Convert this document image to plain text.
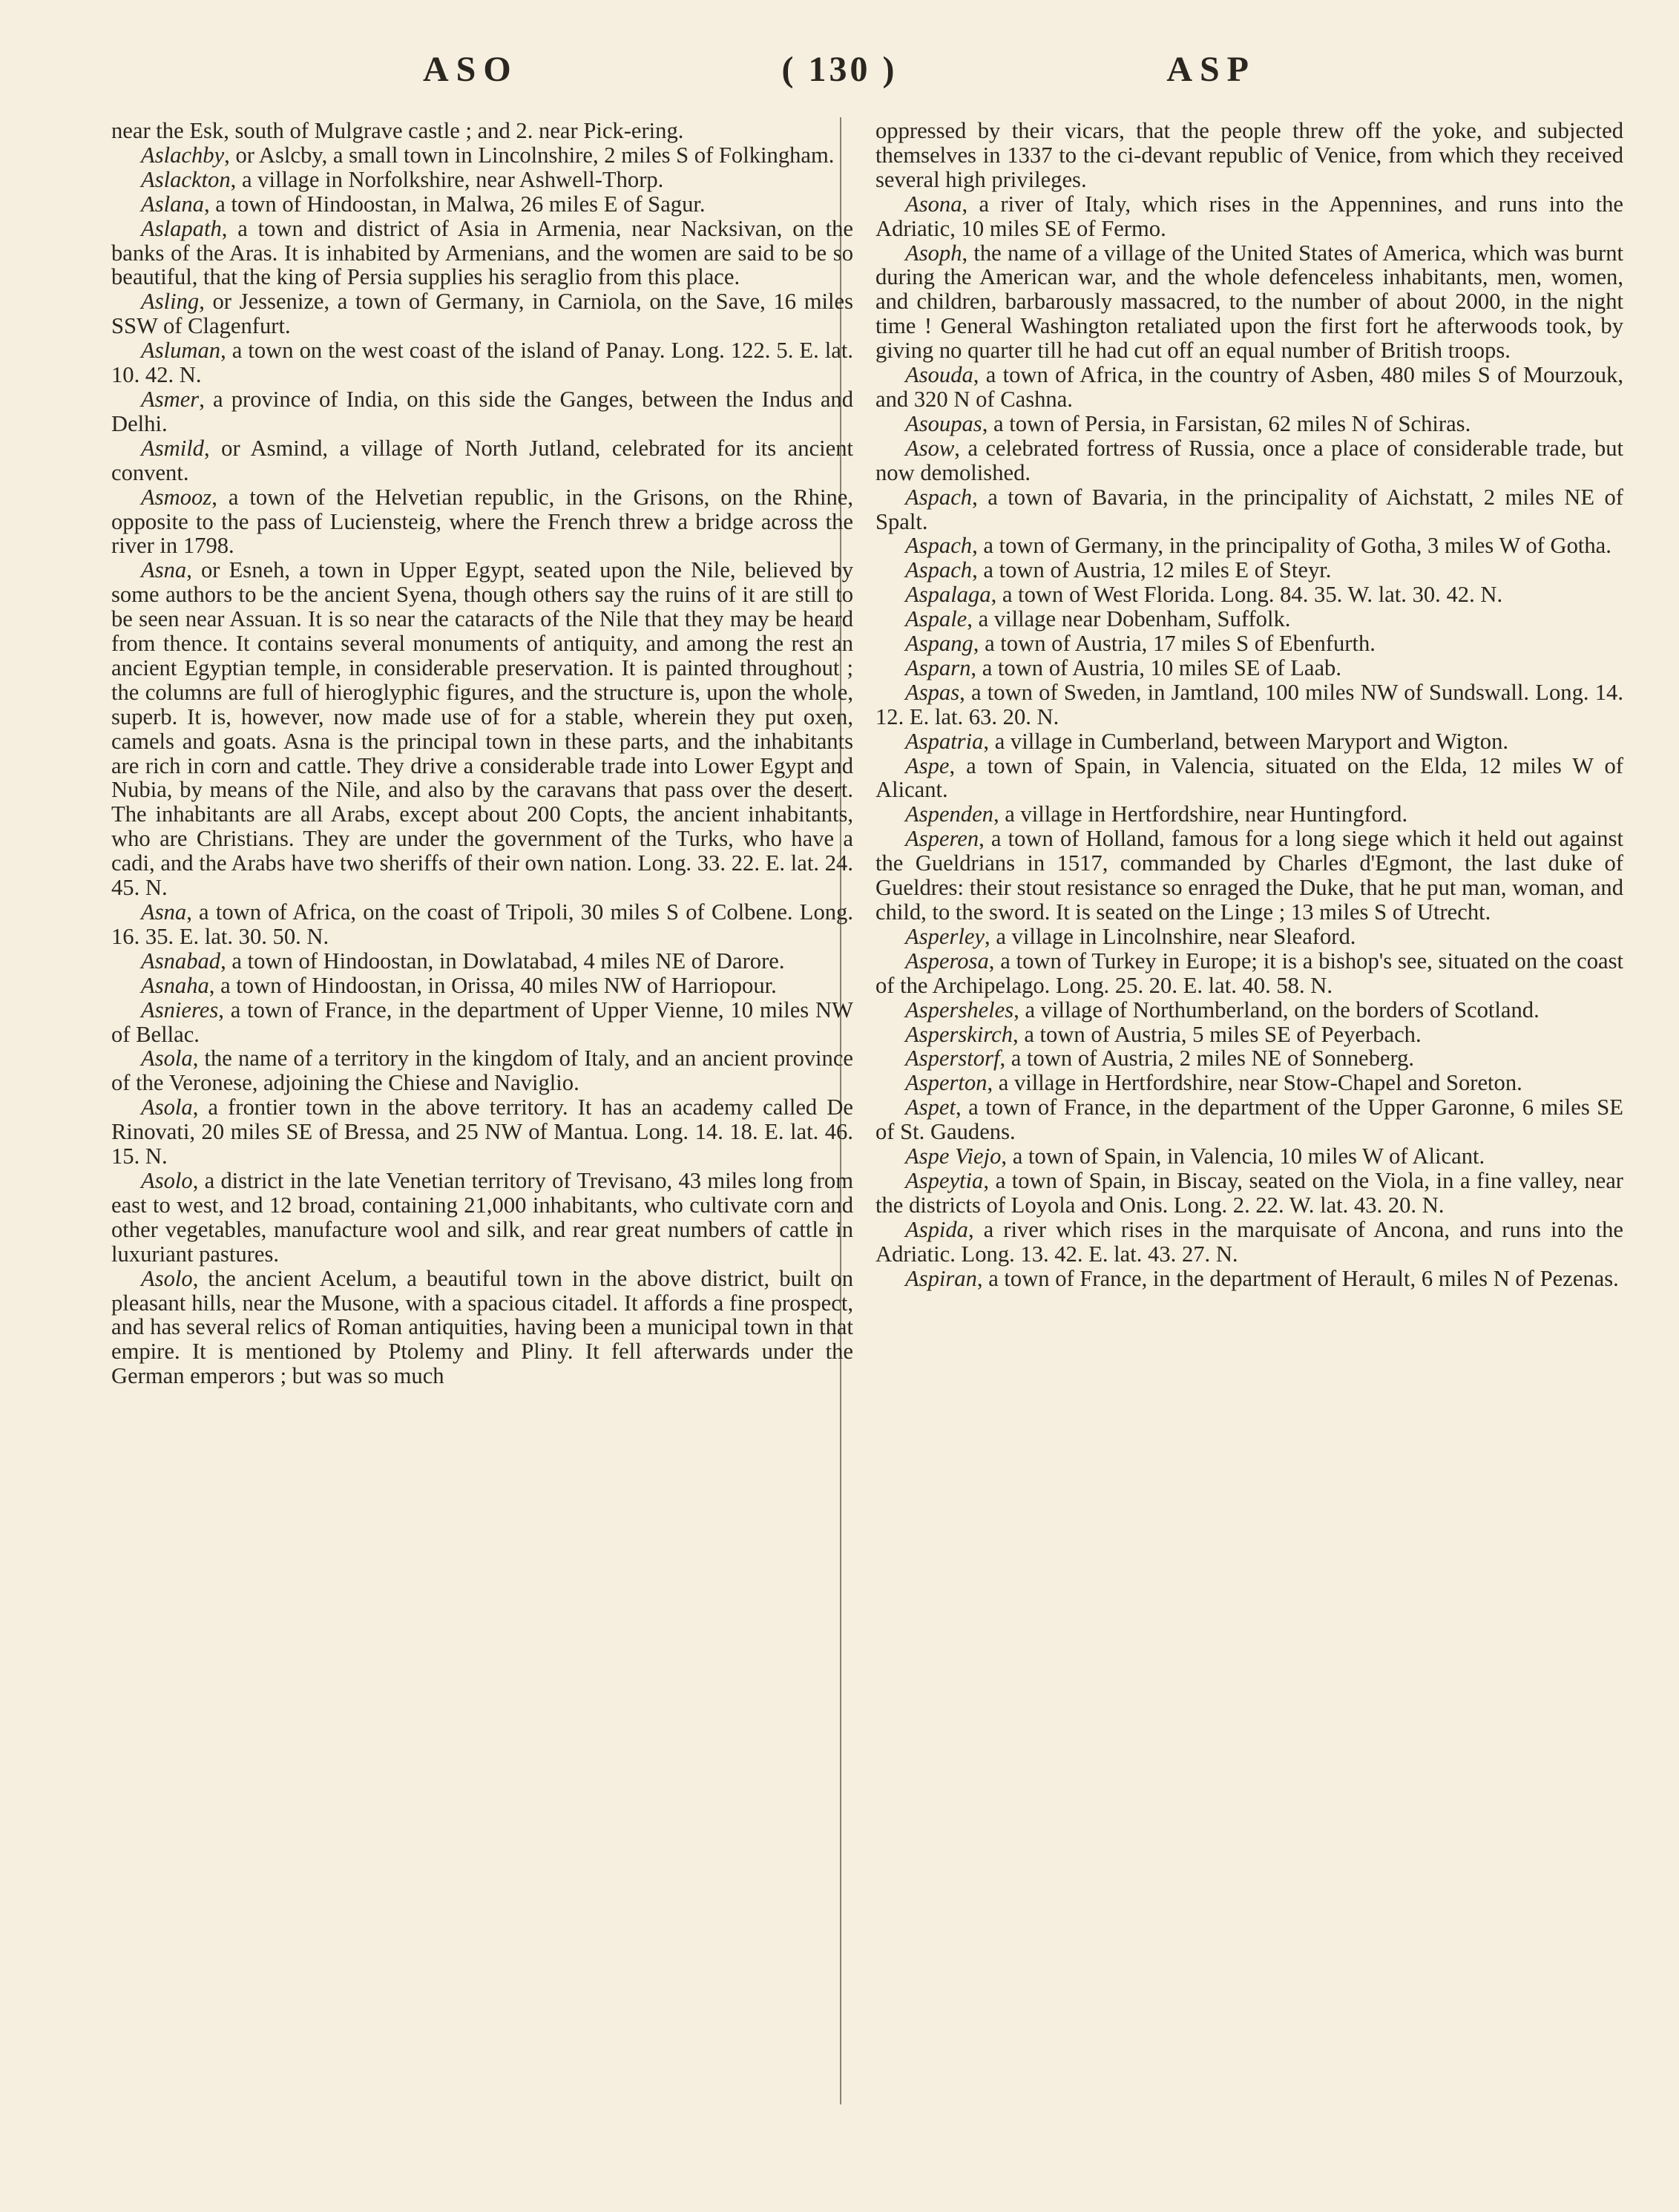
ASO	( 130 )	ASP

near the Esk, south of Mulgrave castle ; and 2. near Pick-ering.

Aslachby, or Aslcby, a small town in Lincolnshire, 2 miles S of Folkingham.

Aslackton, a village in Norfolkshire, near Ashwell-Thorp.

Aslana, a town of Hindoostan, in Malwa, 26 miles E of Sagur.

Aslapath, a town and district of Asia in Armenia, near Nacksivan, on the banks of the Aras. It is inhabited by Armenians, and the women are said to be so beautiful, that the king of Persia supplies his seraglio from this place.

Asling, or Jessenize, a town of Germany, in Carniola, on the Save, 16 miles SSW of Clagenfurt.

Asluman, a town on the west coast of the island of Panay. Long. 122. 5. E. lat. 10. 42. N.

Asmer, a province of India, on this side the Ganges, between the Indus and Delhi.

Asmild, or Asmind, a village of North Jutland, celebrated for its ancient convent.

Asmooz, a town of the Helvetian republic, in the Grisons, on the Rhine, opposite to the pass of Luciensteig, where the French threw a bridge across the river in 1798.

Asna, or Esneh, a town in Upper Egypt, seated upon the Nile, believed by some authors to be the ancient Syena, though others say the ruins of it are still to be seen near Assuan. It is so near the cataracts of the Nile that they may be heard from thence. It contains several monuments of antiquity, and among the rest an ancient Egyptian temple, in considerable preservation. It is painted throughout ; the columns are full of hieroglyphic figures, and the structure is, upon the whole, superb. It is, however, now made use of for a stable, wherein they put oxen, camels and goats. Asna is the principal town in these parts, and the inhabitants are rich in corn and cattle. They drive a considerable trade into Lower Egypt and Nubia, by means of the Nile, and also by the caravans that pass over the desert. The inhabitants are all Arabs, except about 200 Copts, the ancient inhabitants, who are Christians. They are under the government of the Turks, who have a cadi, and the Arabs have two sheriffs of their own nation. Long. 33. 22. E. lat. 24. 45. N.

Asna, a town of Africa, on the coast of Tripoli, 30 miles S of Colbene. Long. 16. 35. E. lat. 30. 50. N.

Asnabad, a town of Hindoostan, in Dowlatabad, 4 miles NE of Darore.

Asnaha, a town of Hindoostan, in Orissa, 40 miles NW of Harriopour.

Asnieres, a town of France, in the department of Upper Vienne, 10 miles NW of Bellac.

Asola, the name of a territory in the kingdom of Italy, and an ancient province of the Veronese, adjoining the Chiese and Naviglio.

Asola, a frontier town in the above territory. It has an academy called De Rinovati, 20 miles SE of Bressa, and 25 NW of Mantua. Long. 14. 18. E. lat. 46. 15. N.

Asolo, a district in the late Venetian territory of Trevisano, 43 miles long from east to west, and 12 broad, containing 21,000 inhabitants, who cultivate corn and other vegetables, manufacture wool and silk, and rear great numbers of cattle in luxuriant pastures.

Asolo, the ancient Acelum, a beautiful town in the above district, built on pleasant hills, near the Musone, with a spacious citadel. It affords a fine prospect, and has several relics of Roman antiquities, having been a municipal town in that empire. It is mentioned by Ptolemy and Pliny. It fell afterwards under the German emperors ; but was so much

oppressed by their vicars, that the people threw off the yoke, and subjected themselves in 1337 to the ci-devant republic of Venice, from which they received several high privileges.

Asona, a river of Italy, which rises in the Appennines, and runs into the Adriatic, 10 miles SE of Fermo.

Asoph, the name of a village of the United States of America, which was burnt during the American war, and the whole defenceless inhabitants, men, women, and children, barbarously massacred, to the number of about 2000, in the night time ! General Washington retaliated upon the first fort he afterwoods took, by giving no quarter till he had cut off an equal number of British troops.

Asouda, a town of Africa, in the country of Asben, 480 miles S of Mourzouk, and 320 N of Cashna.

Asoupas, a town of Persia, in Farsistan, 62 miles N of Schiras.

Asow, a celebrated fortress of Russia, once a place of considerable trade, but now demolished.

Aspach, a town of Bavaria, in the principality of Aichstatt, 2 miles NE of Spalt.

Aspach, a town of Germany, in the principality of Gotha, 3 miles W of Gotha.

Aspach, a town of Austria, 12 miles E of Steyr.

Aspalaga, a town of West Florida. Long. 84. 35. W. lat. 30. 42. N.

Aspale, a village near Dobenham, Suffolk.

Aspang, a town of Austria, 17 miles S of Ebenfurth.

Asparn, a town of Austria, 10 miles SE of Laab.

Aspas, a town of Sweden, in Jamtland, 100 miles NW of Sundswall. Long. 14. 12. E. lat. 63. 20. N.

Aspatria, a village in Cumberland, between Maryport and Wigton.

Aspe, a town of Spain, in Valencia, situated on the Elda, 12 miles W of Alicant.

Aspenden, a village in Hertfordshire, near Huntingford.

Asperen, a town of Holland, famous for a long siege which it held out against the Gueldrians in 1517, commanded by Charles d'Egmont, the last duke of Gueldres: their stout resistance so enraged the Duke, that he put man, woman, and child, to the sword. It is seated on the Linge ; 13 miles S of Utrecht.

Asperley, a village in Lincolnshire, near Sleaford.

Asperosa, a town of Turkey in Europe; it is a bishop's see, situated on the coast of the Archipelago. Long. 25. 20. E. lat. 40. 58. N.

Aspersheles, a village of Northumberland, on the borders of Scotland.

Asperskirch, a town of Austria, 5 miles SE of Peyerbach.

Asperstorf, a town of Austria, 2 miles NE of Sonneberg.

Asperton, a village in Hertfordshire, near Stow-Chapel and Soreton.

Aspet, a town of France, in the department of the Upper Garonne, 6 miles SE of St. Gaudens.

Aspe Viejo, a town of Spain, in Valencia, 10 miles W of Alicant.

Aspeytia, a town of Spain, in Biscay, seated on the Viola, in a fine valley, near the districts of Loyola and Onis. Long. 2. 22. W. lat. 43. 20. N.

Aspida, a river which rises in the marquisate of Ancona, and runs into the Adriatic. Long. 13. 42. E. lat. 43. 27. N.

Aspiran, a town of France, in the department of Herault, 6 miles N of Pezenas.
